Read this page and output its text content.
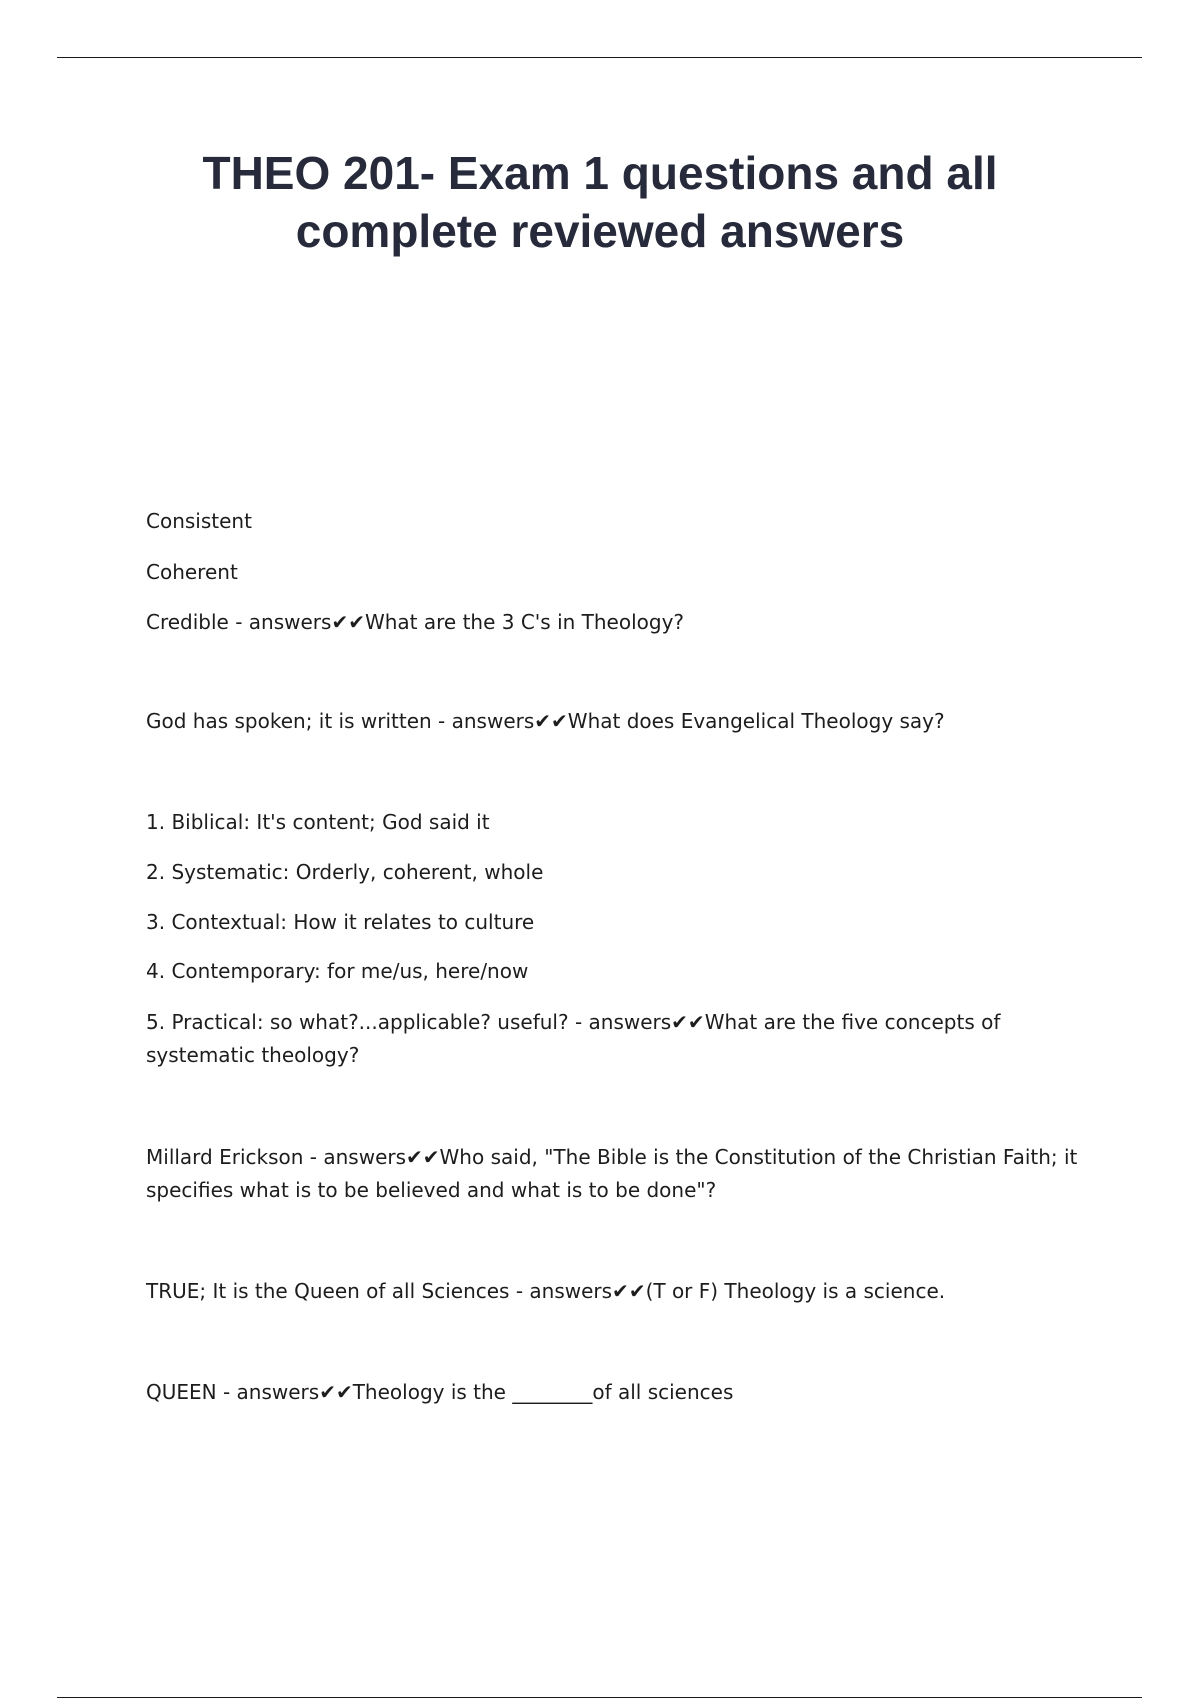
THEO 201- Exam 1 questions and all
complete reviewed answers

Consistent

Coherent

Credible - answers✔✔What are the 3 C's in Theology?

God has spoken; it is written - answers✔✔What does Evangelical Theology say?

1. Biblical: It's content; God said it

2. Systematic: Orderly, coherent, whole

3. Contextual: How it relates to culture

4. Contemporary: for me/us, here/now

5. Practical: so what?...applicable? useful? - answers✔✔What are the five concepts of systematic theology?

Millard Erickson - answers✔✔Who said, "The Bible is the Constitution of the Christian Faith; it specifies what is to be believed and what is to be done"?

TRUE; It is the Queen of all Sciences - answers✔✔(T or F) Theology is a science.

QUEEN - answers✔✔Theology is the ________of all sciences
